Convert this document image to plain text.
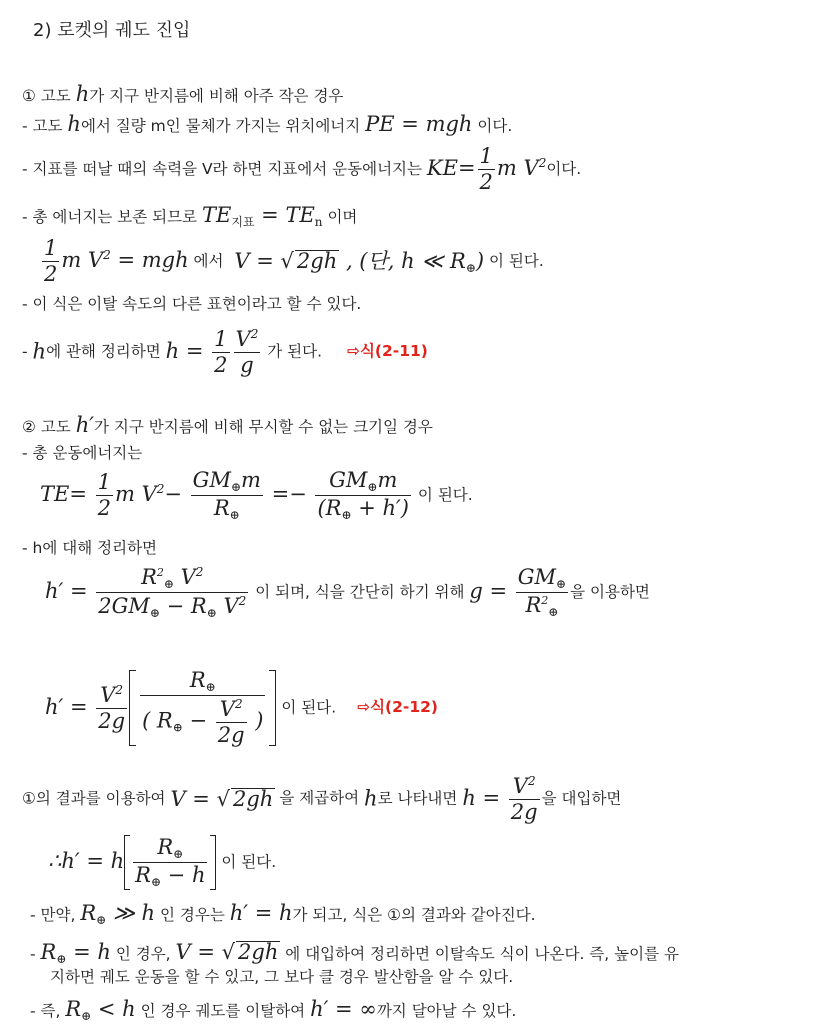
2) 로켓의 궤도 진입
① 고도 h가 지구 반지름에 비해 아주 작은 경우
- 고도 h에서 질량 m인 물체가 가지는 위치에너지 PE = mgh 이다.
- 지표를 떠날 때의 속력을 V라 하면 지표에서 운동에너지는 $KE= \frac{1}{2}$ m $V^2$이다.
- 총 에너지는 보존 되므로 $TE_{지표} = TE_n$ 이며
$\frac{1}{2}$ m $V^2$ = mgh 에서 V = √ 2gh , (단, h ≪ $R_\oplus$) 이 된다.
- 이 식은 이탈 속도의 다른 표현이라고 할 수 있다.
- h에 관해 정리하면 $h = \frac{1}{2} \frac{V^2}{g}$ 가 된다. ⇨식(2-11)
② 고도 h′가 지구 반지름에 비해 무시할 수 없는 크기일 경우
- 총 운동에너지는
$TE= \frac{1}{2}$ m $V^2- \frac{GM_\oplus m}{R_\oplus} =- \frac{GM_\oplus m}{(R_\oplus + h')}$ 이 된다.
- h에 대해 정리하면
$h' = \frac{R^2_\oplus V^2}{2GM_\oplus - R_\oplus V^2}$ 이 되며, 식을 간단히 하기 위해 $g = \frac{GM_\oplus}{R^2_\oplus}$ 을 이용하면
$h' = \frac{V^2}{2g} \frac{R_\oplus}{( R_\oplus - \frac{V^2}{2g} )}$ 이 된다. ⇨식(2-12)
①의 결과를 이용하여 V = √ 2gh 을 제곱하여 h로 나타내면 $h = \frac{V^2}{2g}$ 을 대입하면
∴h′ = h $\frac{R_\oplus}{R_\oplus - h}$ 이 된다.
- 만약, $R_\oplus$ ≫ h 인 경우는 h′ = h가 되고, 식은 ①의 결과와 같아진다.
- $R_\oplus = h$ 인 경우, V = √ 2gh 에 대입하여 정리하면 이탈속도 식이 나온다. 즉, 높이를 유
지하면 궤도 운동을 할 수 있고, 그 보다 클 경우 발산함을 알 수 있다.
- 즉, $R_\oplus < h$ 인 경우 궤도를 이탈하여 h′ = ∞까지 달아날 수 있다.
